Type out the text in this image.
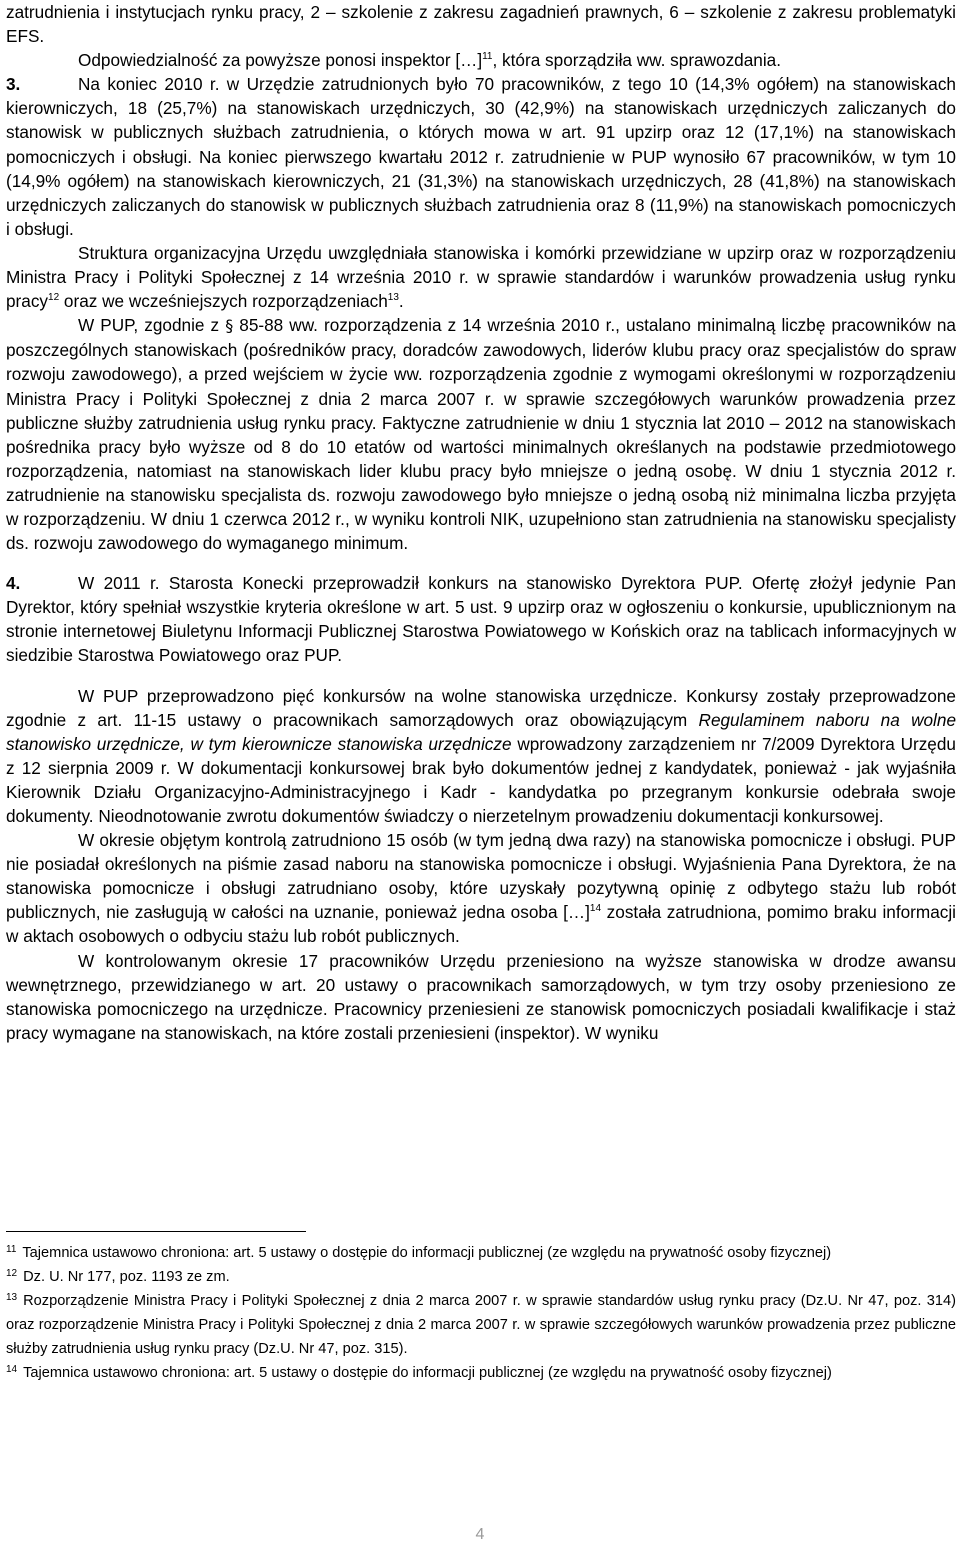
zatrudnienia i instytucjach rynku pracy, 2 – szkolenie z zakresu zagadnień prawnych, 6 – szkolenie z zakresu problematyki EFS.

Odpowiedzialność za powyższe ponosi inspektor […]$^{11}$, która sporządziła ww. sprawozdania.

3.	Na koniec 2010 r. w Urzędzie zatrudnionych było 70 pracowników, z tego 10 (14,3% ogółem) na stanowiskach kierowniczych, 18 (25,7%) na stanowiskach urzędniczych, 30 (42,9%) na stanowiskach urzędniczych zaliczanych do stanowisk w publicznych służbach zatrudnienia, o których mowa w art. 91 upzirp oraz 12 (17,1%) na stanowiskach pomocniczych i obsługi. Na koniec pierwszego kwartału 2012 r. zatrudnienie w PUP wynosiło 67 pracowników, w tym 10 (14,9% ogółem) na stanowiskach kierowniczych, 21 (31,3%) na stanowiskach urzędniczych, 28 (41,8%) na stanowiskach urzędniczych zaliczanych do stanowisk w publicznych służbach zatrudnienia oraz 8 (11,9%) na stanowiskach pomocniczych i obsługi.

Struktura organizacyjna Urzędu uwzględniała stanowiska i komórki przewidziane w upzirp oraz w rozporządzeniu Ministra Pracy i Polityki Społecznej z 14 września 2010 r. w sprawie standardów i warunków prowadzenia usług rynku pracy$^{12}$ oraz we wcześniejszych rozporządzeniach$^{13}$.

W PUP, zgodnie z § 85-88 ww. rozporządzenia z 14 września 2010 r., ustalano minimalną liczbę pracowników na poszczególnych stanowiskach (pośredników pracy, doradców zawodowych, liderów klubu pracy oraz specjalistów do spraw rozwoju zawodowego), a przed wejściem w życie ww. rozporządzenia zgodnie z wymogami określonymi w rozporządzeniu Ministra Pracy i Polityki Społecznej z dnia 2 marca 2007 r. w sprawie szczegółowych warunków prowadzenia przez publiczne służby zatrudnienia usług rynku pracy. Faktyczne zatrudnienie w dniu 1 stycznia lat 2010 – 2012 na stanowiskach pośrednika pracy było wyższe od 8 do 10 etatów od wartości minimalnych określanych na podstawie przedmiotowego rozporządzenia, natomiast na stanowiskach lider klubu pracy było mniejsze o jedną osobę. W dniu 1 stycznia 2012 r. zatrudnienie na stanowisku specjalista ds. rozwoju zawodowego było mniejsze o jedną osobą niż minimalna liczba przyjęta w rozporządzeniu. W dniu 1 czerwca 2012 r., w wyniku kontroli NIK, uzupełniono stan zatrudnienia na stanowisku specjalisty ds. rozwoju zawodowego do wymaganego minimum.

4.	W 2011 r. Starosta Konecki przeprowadził konkurs na stanowisko Dyrektora PUP. Ofertę złożył jedynie Pan Dyrektor, który spełniał wszystkie kryteria określone w art. 5 ust. 9 upzirp oraz w ogłoszeniu o konkursie, upublicznionym na stronie internetowej Biuletynu Informacji Publicznej Starostwa Powiatowego w Końskich oraz na tablicach informacyjnych w siedzibie Starostwa Powiatowego oraz PUP.

W PUP przeprowadzono pięć konkursów na wolne stanowiska urzędnicze. Konkursy zostały przeprowadzone zgodnie z art. 11-15 ustawy o pracownikach samorządowych oraz obowiązującym Regulaminem naboru na wolne stanowisko urzędnicze, w tym kierownicze stanowiska urzędnicze wprowadzony zarządzeniem nr 7/2009 Dyrektora Urzędu z 12 sierpnia 2009 r. W dokumentacji konkursowej brak było dokumentów jednej z kandydatek, ponieważ - jak wyjaśniła Kierownik Działu Organizacyjno-Administracyjnego i Kadr - kandydatka po przegranym konkursie odebrała swoje dokumenty. Nieodnotowanie zwrotu dokumentów świadczy o nierzetelnym prowadzeniu dokumentacji konkursowej.

W okresie objętym kontrolą zatrudniono 15 osób (w tym jedną dwa razy) na stanowiska pomocnicze i obsługi. PUP nie posiadał określonych na piśmie zasad naboru na stanowiska pomocnicze i obsługi. Wyjaśnienia Pana Dyrektora, że na stanowiska pomocnicze i obsługi zatrudniano osoby, które uzyskały pozytywną opinię z odbytego stażu lub robót publicznych, nie zasługują w całości na uznanie, ponieważ jedna osoba […]$^{14}$ została zatrudniona, pomimo braku informacji w aktach osobowych o odbyciu stażu lub robót publicznych.

W kontrolowanym okresie 17 pracowników Urzędu przeniesiono na wyższe stanowiska w drodze awansu wewnętrznego, przewidzianego w art. 20 ustawy o pracownikach samorządowych, w tym trzy osoby przeniesiono ze stanowiska pomocniczego na urzędnicze. Pracownicy przeniesieni ze stanowisk pomocniczych posiadali kwalifikacje i staż pracy wymagane na stanowiskach, na które zostali przeniesieni (inspektor). W wyniku

$^{11}$ Tajemnica ustawowo chroniona: art. 5 ustawy o dostępie do informacji publicznej (ze względu na prywatność osoby fizycznej)

$^{12}$ Dz. U. Nr 177, poz. 1193 ze zm.

$^{13}$ Rozporządzenie Ministra Pracy i Polityki Społecznej z dnia 2 marca 2007 r. w sprawie standardów usług rynku pracy (Dz.U. Nr 47, poz. 314) oraz rozporządzenie Ministra Pracy i Polityki Społecznej z dnia 2 marca 2007 r. w sprawie szczegółowych warunków prowadzenia przez publiczne służby zatrudnienia usług rynku pracy (Dz.U. Nr 47, poz. 315).

$^{14}$ Tajemnica ustawowo chroniona: art. 5 ustawy o dostępie do informacji publicznej (ze względu na prywatność osoby fizycznej)

4
